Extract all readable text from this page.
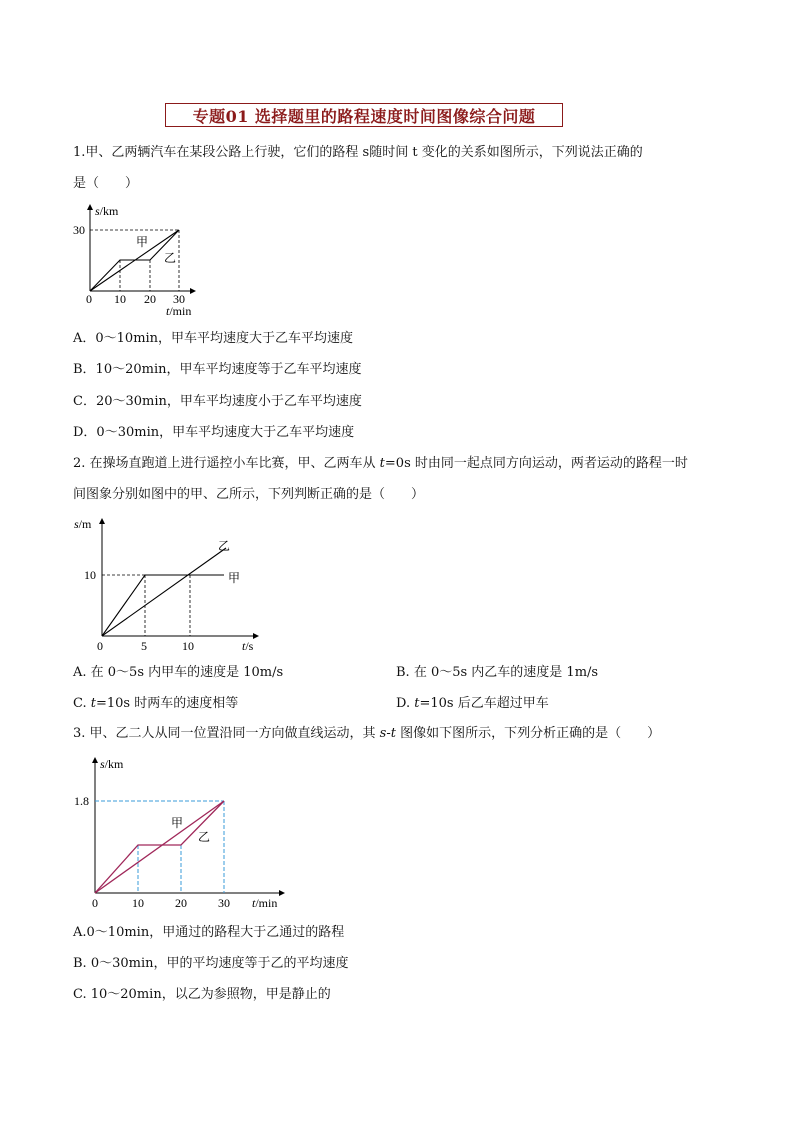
专题01 选择题里的路程速度时间图像综合问题
1.甲、乙两辆汽车在某段公路上行驶，它们的路程 s随时间 t 变化的关系如图所示，下列说法正确的
是（　　）
s/km
30
0 10 20 30
t/min
甲
乙
A．0～10min，甲车平均速度大于乙车平均速度
B．10～20min，甲车平均速度等于乙车平均速度
C．20～30min，甲车平均速度小于乙车平均速度
D．0～30min，甲车平均速度大于乙车平均速度
2. 在操场直跑道上进行遥控小车比赛，甲、乙两车从 t=0s 时由同一起点同方向运动，两者运动的路程一时
间图象分别如图中的甲、乙所示，下列判断正确的是（　　）
s/m
10
0	5	10	t/s
甲
乙
A. 在 0～5s 内甲车的速度是 10m/s	B. 在 0～5s 内乙车的速度是 1m/s
C. t=10s 时两车的速度相等	D. t=10s 后乙车超过甲车
3. 甲、乙二人从同一位置沿同一方向做直线运动，其 s-t 图像如下图所示，下列分析正确的是（　　）
s/km
1.8
0	10	20	30 t/min
甲
乙
A.0～10min，甲通过的路程大于乙通过的路程
B. 0～30min，甲的平均速度等于乙的平均速度
C. 10～20min，以乙为参照物，甲是静止的
